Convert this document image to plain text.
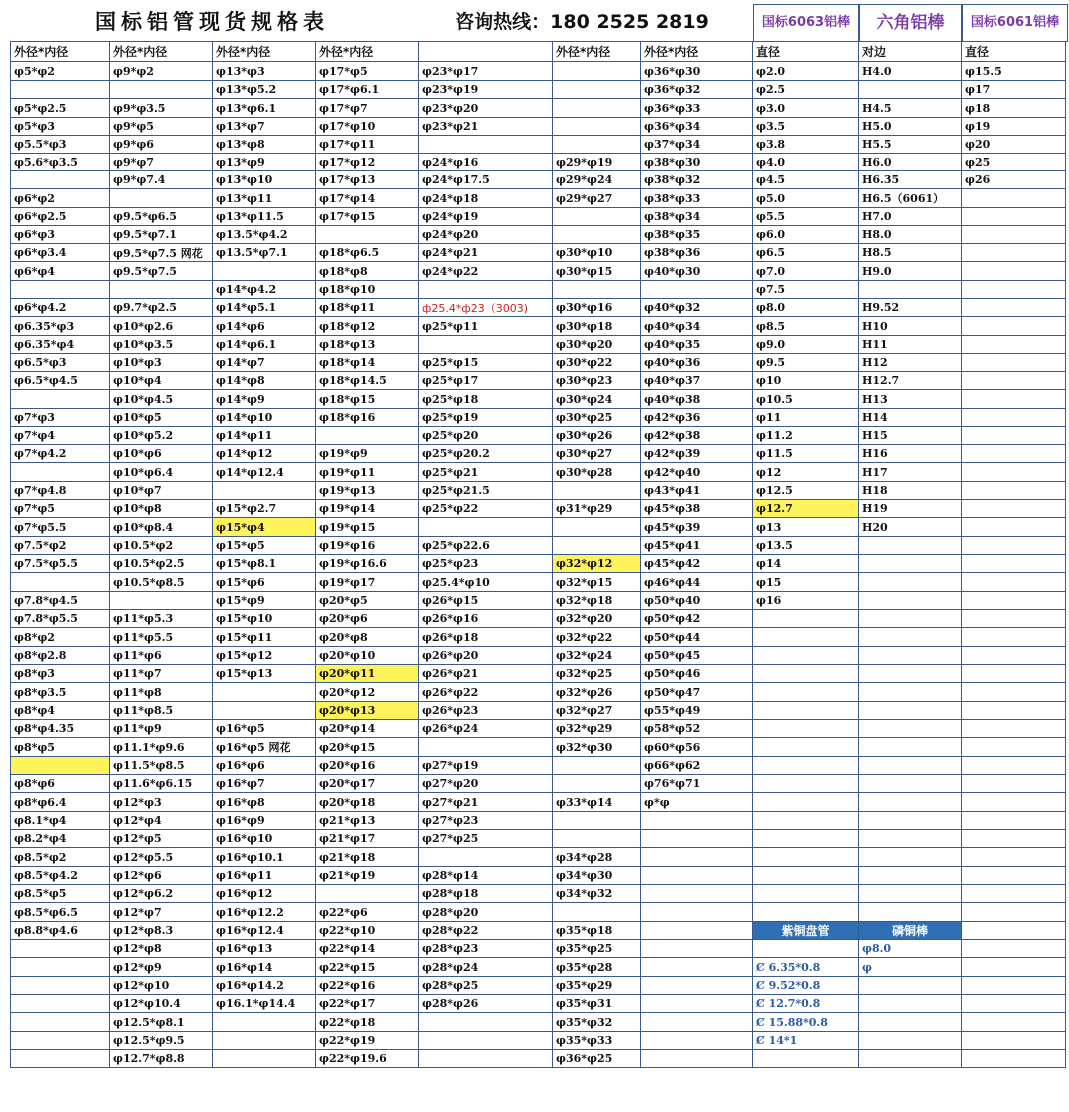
国标铝管现货规格表	咨询热线：180 2525 2819	国标6063铝棒	六角铝棒	国标6061铝棒
外径*内径	外径*内径	外径*内径	外径*内径		外径*内径	外径*内径	直径	对边	直径
φ5*φ2	φ9*φ2	φ13*φ3	φ17*φ5	φ23*φ17		φ36*φ30	φ2.0	H4.0	φ15.5
		φ13*φ5.2	φ17*φ6.1	φ23*φ19		φ36*φ32	φ2.5		φ17
φ5*φ2.5	φ9*φ3.5	φ13*φ6.1	φ17*φ7	φ23*φ20		φ36*φ33	φ3.0	H4.5	φ18
φ5*φ3	φ9*φ5	φ13*φ7	φ17*φ10	φ23*φ21		φ36*φ34	φ3.5	H5.0	φ19
φ5.5*φ3	φ9*φ6	φ13*φ8	φ17*φ11			φ37*φ34	φ3.8	H5.5	φ20
φ5.6*φ3.5	φ9*φ7	φ13*φ9	φ17*φ12	φ24*φ16	φ29*φ19	φ38*φ30	φ4.0	H6.0	φ25
	φ9*φ7.4	φ13*φ10	φ17*φ13	φ24*φ17.5	φ29*φ24	φ38*φ32	φ4.5	H6.35	φ26
φ6*φ2		φ13*φ11	φ17*φ14	φ24*φ18	φ29*φ27	φ38*φ33	φ5.0	H6.5（6061）	
φ6*φ2.5	φ9.5*φ6.5	φ13*φ11.5	φ17*φ15	φ24*φ19		φ38*φ34	φ5.5	H7.0	
φ6*φ3	φ9.5*φ7.1	φ13.5*φ4.2		φ24*φ20		φ38*φ35	φ6.0	H8.0	
φ6*φ3.4	φ9.5*φ7.5 网花	φ13.5*φ7.1	φ18*φ6.5	φ24*φ21	φ30*φ10	φ38*φ36	φ6.5	H8.5	
φ6*φ4	φ9.5*φ7.5		φ18*φ8	φ24*φ22	φ30*φ15	φ40*φ30	φ7.0	H9.0	
		φ14*φ4.2	φ18*φ10				φ7.5		
φ6*φ4.2	φ9.7*φ2.5	φ14*φ5.1	φ18*φ11	ф25.4*ф23（3003)	φ30*φ16	φ40*φ32	φ8.0	H9.52	
φ6.35*φ3	φ10*φ2.6	φ14*φ6	φ18*φ12	φ25*φ11	φ30*φ18	φ40*φ34	φ8.5	H10	
φ6.35*φ4	φ10*φ3.5	φ14*φ6.1	φ18*φ13		φ30*φ20	φ40*φ35	φ9.0	H11	
φ6.5*φ3	φ10*φ3	φ14*φ7	φ18*φ14	φ25*φ15	φ30*φ22	φ40*φ36	φ9.5	H12	
φ6.5*φ4.5	φ10*φ4	φ14*φ8	φ18*φ14.5	φ25*φ17	φ30*φ23	φ40*φ37	φ10	H12.7	
	φ10*φ4.5	φ14*φ9	φ18*φ15	φ25*φ18	φ30*φ24	φ40*φ38	φ10.5	H13	
φ7*φ3	φ10*φ5	φ14*φ10	φ18*φ16	φ25*φ19	φ30*φ25	φ42*φ36	φ11	H14	
φ7*φ4	φ10*φ5.2	φ14*φ11		φ25*φ20	φ30*φ26	φ42*φ38	φ11.2	H15	
φ7*φ4.2	φ10*φ6	φ14*φ12	φ19*φ9	φ25*φ20.2	φ30*φ27	φ42*φ39	φ11.5	H16	
	φ10*φ6.4	φ14*φ12.4	φ19*φ11	φ25*φ21	φ30*φ28	φ42*φ40	φ12	H17	
φ7*φ4.8	φ10*φ7		φ19*φ13	φ25*φ21.5		φ43*φ41	φ12.5	H18	
φ7*φ5	φ10*φ8	φ15*φ2.7	φ19*φ14	φ25*φ22	φ31*φ29	φ45*φ38	φ12.7	H19	
φ7*φ5.5	φ10*φ8.4	φ15*φ4	φ19*φ15			φ45*φ39	φ13	H20	
φ7.5*φ2	φ10.5*φ2	φ15*φ5	φ19*φ16	φ25*φ22.6		φ45*φ41	φ13.5		
φ7.5*φ5.5	φ10.5*φ2.5	φ15*φ8.1	φ19*φ16.6	φ25*φ23	φ32*φ12	φ45*φ42	φ14		
	φ10.5*φ8.5	φ15*φ6	φ19*φ17	φ25.4*φ10	φ32*φ15	φ46*φ44	φ15		
φ7.8*φ4.5		φ15*φ9	φ20*φ5	φ26*φ15	φ32*φ18	φ50*φ40	φ16		
φ7.8*φ5.5	φ11*φ5.3	φ15*φ10	φ20*φ6	φ26*φ16	φ32*φ20	φ50*φ42			
φ8*φ2	φ11*φ5.5	φ15*φ11	φ20*φ8	φ26*φ18	φ32*φ22	φ50*φ44			
φ8*φ2.8	φ11*φ6	φ15*φ12	φ20*φ10	φ26*φ20	φ32*φ24	φ50*φ45			
φ8*φ3	φ11*φ7	φ15*φ13	φ20*φ11	φ26*φ21	φ32*φ25	φ50*φ46			
φ8*φ3.5	φ11*φ8		φ20*φ12	φ26*φ22	φ32*φ26	φ50*φ47			
φ8*φ4	φ11*φ8.5		φ20*φ13	φ26*φ23	φ32*φ27	φ55*φ49			
φ8*φ4.35	φ11*φ9	φ16*φ5	φ20*φ14	φ26*φ24	φ32*φ29	φ58*φ52			
φ8*φ5	φ11.1*φ9.6	φ16*φ5 网花	φ20*φ15		φ32*φ30	φ60*φ56			
	φ11.5*φ8.5	φ16*φ6	φ20*φ16	φ27*φ19		φ66*φ62			
φ8*φ6	φ11.6*φ6.15	φ16*φ7	φ20*φ17	φ27*φ20		φ76*φ71			
φ8*φ6.4	φ12*φ3	φ16*φ8	φ20*φ18	φ27*φ21	φ33*φ14	φ*φ			
φ8.1*φ4	φ12*φ4	φ16*φ9	φ21*φ13	φ27*φ23					
φ8.2*φ4	φ12*φ5	φ16*φ10	φ21*φ17	φ27*φ25					
φ8.5*φ2	φ12*φ5.5	φ16*φ10.1	φ21*φ18		φ34*φ28				
φ8.5*φ4.2	φ12*φ6	φ16*φ11	φ21*φ19	φ28*φ14	φ34*φ30				
φ8.5*φ5	φ12*φ6.2	φ16*φ12		φ28*φ18	φ34*φ32				
φ8.5*φ6.5	φ12*φ7	φ16*φ12.2	φ22*φ6	φ28*φ20					
φ8.8*φ4.6	φ12*φ8.3	φ16*φ12.4	φ22*φ10	φ28*φ22	φ35*φ18		紫铜盘管	磷铜棒	
	φ12*φ8	φ16*φ13	φ22*φ14	φ28*φ23	φ35*φ25			φ8.0	
	φ12*φ9	φ16*φ14	φ22*φ15	φ28*φ24	φ35*φ28		Ȼ 6.35*0.8	φ	
	φ12*φ10	φ16*φ14.2	φ22*φ16	φ28*φ25	φ35*φ29		Ȼ 9.52*0.8		
	φ12*φ10.4	φ16.1*φ14.4	φ22*φ17	φ28*φ26	φ35*φ31		Ȼ 12.7*0.8		
	φ12.5*φ8.1		φ22*φ18		φ35*φ32		Ȼ 15.88*0.8		
	φ12.5*φ9.5		φ22*φ19		φ35*φ33		Ȼ 14*1		
	φ12.7*φ8.8		φ22*φ19.6		φ36*φ25				
